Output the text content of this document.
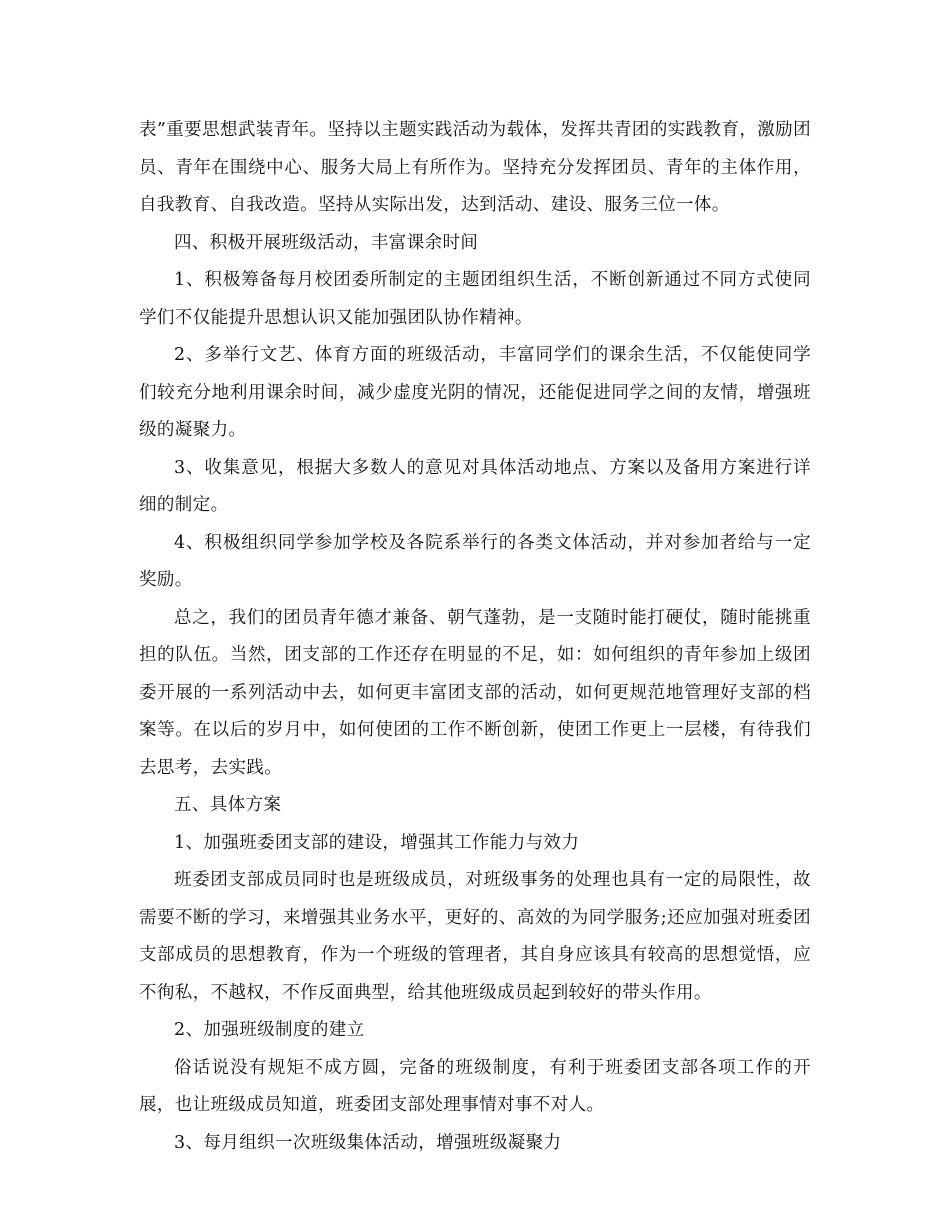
表”重要思想武装青年。坚持以主题实践活动为载体，发挥共青团的实践教育，激励团员、青年在围绕中心、服务大局上有所作为。坚持充分发挥团员、青年的主体作用，自我教育、自我改造。坚持从实际出发，达到活动、建设、服务三位一体。

四、积极开展班级活动，丰富课余时间

1、积极筹备每月校团委所制定的主题团组织生活，不断创新通过不同方式使同学们不仅能提升思想认识又能加强团队协作精神。

2、多举行文艺、体育方面的班级活动，丰富同学们的课余生活，不仅能使同学们较充分地利用课余时间，减少虚度光阴的情况，还能促进同学之间的友情，增强班级的凝聚力。

3、收集意见，根据大多数人的意见对具体活动地点、方案以及备用方案进行详细的制定。

4、积极组织同学参加学校及各院系举行的各类文体活动，并对参加者给与一定奖励。

总之，我们的团员青年德才兼备、朝气蓬勃，是一支随时能打硬仗，随时能挑重担的队伍。当然，团支部的工作还存在明显的不足，如：如何组织的青年参加上级团委开展的一系列活动中去，如何更丰富团支部的活动，如何更规范地管理好支部的档案等。在以后的岁月中，如何使团的工作不断创新，使团工作更上一层楼，有待我们去思考，去实践。

五、具体方案

1、加强班委团支部的建设，增强其工作能力与效力

班委团支部成员同时也是班级成员，对班级事务的处理也具有一定的局限性，故需要不断的学习，来增强其业务水平，更好的、高效的为同学服务;还应加强对班委团支部成员的思想教育，作为一个班级的管理者，其自身应该具有较高的思想觉悟，应不徇私，不越权，不作反面典型，给其他班级成员起到较好的带头作用。

2、加强班级制度的建立

俗话说没有规矩不成方圆，完备的班级制度，有利于班委团支部各项工作的开展，也让班级成员知道，班委团支部处理事情对事不对人。

3、每月组织一次班级集体活动，增强班级凝聚力
